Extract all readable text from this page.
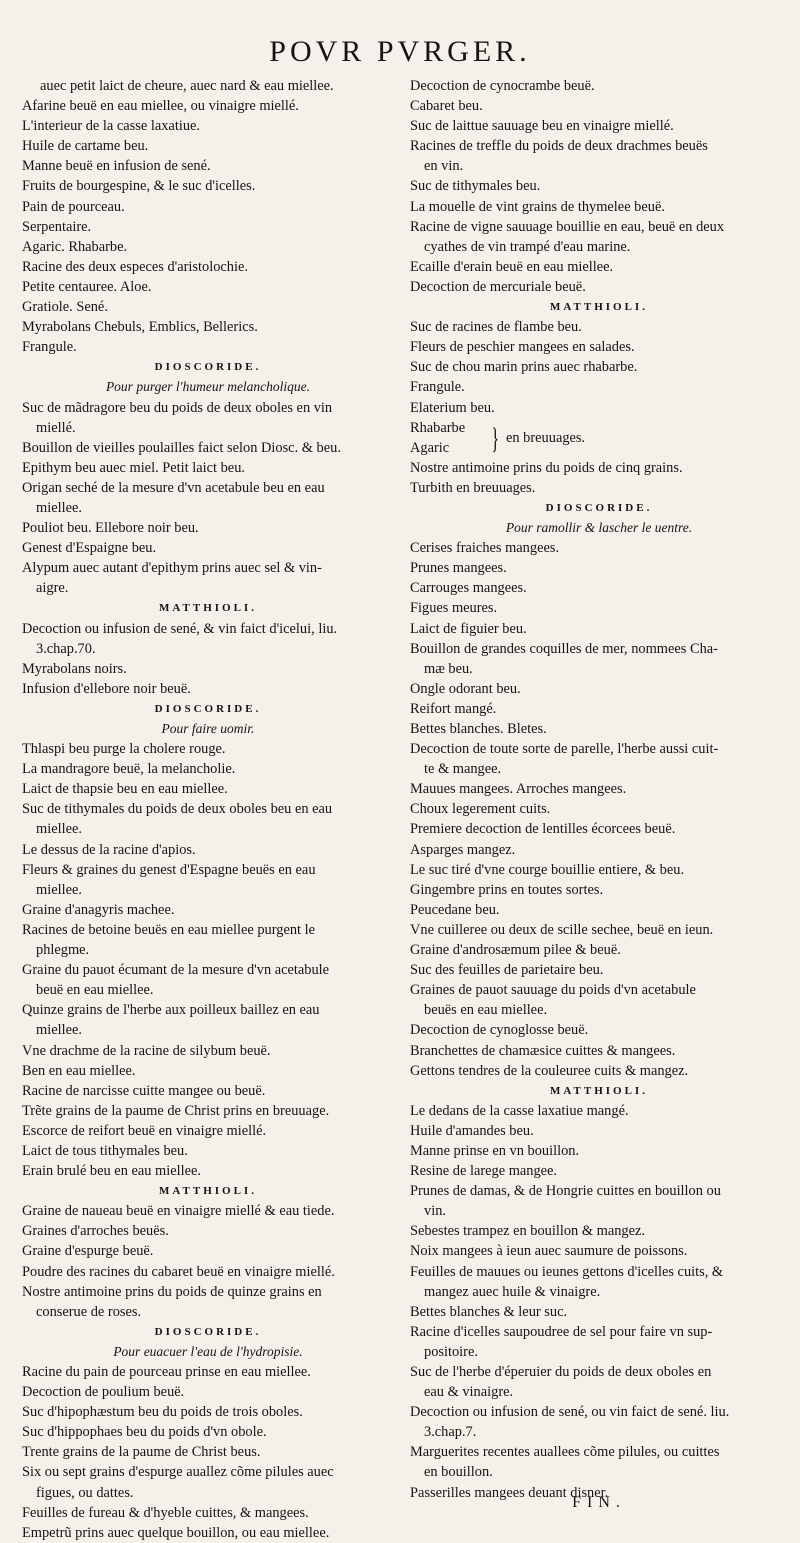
POVR PVRGER.
auec petit laict de cheure, auec nard & eau miellee.
Afarine beuë en eau miellee, ou vinaigre miellé.
L'interieur de la casse laxatiue.
Huile de cartame beu.
Manne beuë en infusion de sené.
Fruits de bourgespine, & le suc d'icelles.
Pain de pourceau.
Serpentaire.
Agaric. Rhabarbe.
Racine des deux especes d'aristolochie.
Petite centauree. Aloe.
Gratiole. Sené.
Myrabolans Chebuls, Emblics, Bellerics.
Frangule.
DIOSCORIDE.
Pour purger l'humeur melancholique.
Suc de mãdragore beu du poids de deux oboles en vin
miellé.
Bouillon de vieilles poulailles faict selon Diosc. & beu.
Epithym beu auec miel. Petit laict beu.
Origan seché de la mesure d'vn acetabule beu en eau
miellee.
Pouliot beu. Ellebore noir beu.
Genest d'Espaigne beu.
Alypum auec autant d'epithym prins auec sel & vin-
aigre.
MATTHIOLI.
Decoction ou infusion de sené, & vin faict d'icelui, liu.
3.chap.70.
Myrabolans noirs.
Infusion d'ellebore noir beuë.
DIOSCORIDE.
Pour faire uomir.
Thlaspi beu purge la cholere rouge.
La mandragore beuë, la melancholie.
Laict de thapsie beu en eau miellee.
Suc de tithymales du poids de deux oboles beu en eau
miellee.
Le dessus de la racine d'apios.
Fleurs & graines du genest d'Espagne beuës en eau
miellee.
Graine d'anagyris machee.
Racines de betoine beuës en eau miellee purgent le
phlegme.
Graine du pauot écumant de la mesure d'vn acetabule
beuë en eau miellee.
Quinze grains de l'herbe aux poilleux baillez en eau
miellee.
Vne drachme de la racine de silybum beuë.
Ben en eau miellee.
Racine de narcisse cuitte mangee ou beuë.
Trẽte grains de la paume de Christ prins en breuuage.
Escorce de reifort beuë en vinaigre miellé.
Laict de tous tithymales beu.
Erain brulé beu en eau miellee.
MATTHIOLI.
Graine de naueau beuë en vinaigre miellé & eau tiede.
Graines d'arroches beuës.
Graine d'espurge beuë.
Poudre des racines du cabaret beuë en vinaigre miellé.
Nostre antimoine prins du poids de quinze grains en
conserue de roses.
DIOSCORIDE.
Pour euacuer l'eau de l'hydropisie.
Racine du pain de pourceau prinse en eau miellee.
Decoction de poulium beuë.
Suc d'hipophæstum beu du poids de trois oboles.
Suc d'hippophaes beu du poids d'vn obole.
Trente grains de la paume de Christ beus.
Six ou sept grains d'espurge auallez cõme pilules auec
figues, ou dattes.
Feuilles de fureau & d'hyeble cuittes, & mangees.
Empetrũ prins auec quelque bouillon, ou eau miellee.
Decoction de cynocrambe beuë.
Cabaret beu.
Suc de laittue sauuage beu en vinaigre miellé.
Racines de treffle du poids de deux drachmes beuës
en vin.
Suc de tithymales beu.
La mouelle de vint grains de thymelee beuë.
Racine de vigne sauuage bouillie en eau, beuë en deux
cyathes de vin trampé d'eau marine.
Ecaille d'erain beuë en eau miellee.
Decoction de mercuriale beuë.
MATTHIOLI.
Suc de racines de flambe beu.
Fleurs de peschier mangees en salades.
Suc de chou marin prins auec rhabarbe.
Frangule.
Elaterium beu.
Rhabarbe
Agaric } en breuuages.
Nostre antimoine prins du poids de cinq grains.
Turbith en breuuages.
DIOSCORIDE.
Pour ramollir & lascher le uentre.
Cerises fraiches mangees.
Prunes mangees.
Carrouges mangees.
Figues meures.
Laict de figuier beu.
Bouillon de grandes coquilles de mer, nommees Cha-
mæ beu.
Ongle odorant beu.
Reifort mangé.
Bettes blanches. Bletes.
Decoction de toute sorte de parelle, l'herbe aussi cuit-
te & mangee.
Mauues mangees. Arroches mangees.
Choux legerement cuits.
Premiere decoction de lentilles écorcees beuë.
Asparges mangez.
Le suc tiré d'vne courge bouillie entiere, & beu.
Gingembre prins en toutes sortes.
Peucedane beu.
Vne cuilleree ou deux de scille sechee, beuë en ieun.
Graine d'androsæmum pilee & beuë.
Suc des feuilles de parietaire beu.
Graines de pauot sauuage du poids d'vn acetabule
beuës en eau miellee.
Decoction de cynoglosse beuë.
Branchettes de chamæsice cuittes & mangees.
Gettons tendres de la couleuree cuits & mangez.
MATTHIOLI.
Le dedans de la casse laxatiue mangé.
Huile d'amandes beu.
Manne prinse en vn bouillon.
Resine de larege mangee.
Prunes de damas, & de Hongrie cuittes en bouillon ou
vin.
Sebestes trampez en bouillon & mangez.
Noix mangees à ieun auec saumure de poissons.
Feuilles de mauues ou ieunes gettons d'icelles cuits, &
mangez auec huile & vinaigre.
Bettes blanches & leur suc.
Racine d'icelles saupoudree de sel pour faire vn sup-
positoire.
Suc de l'herbe d'éperuier du poids de deux oboles en
eau & vinaigre.
Decoction ou infusion de sené, ou vin faict de sené. liu.
3.chap.7.
Marguerites recentes auallees cõme pilules, ou cuittes
en bouillon.
Passerilles mangees deuant disner.
FIN.
